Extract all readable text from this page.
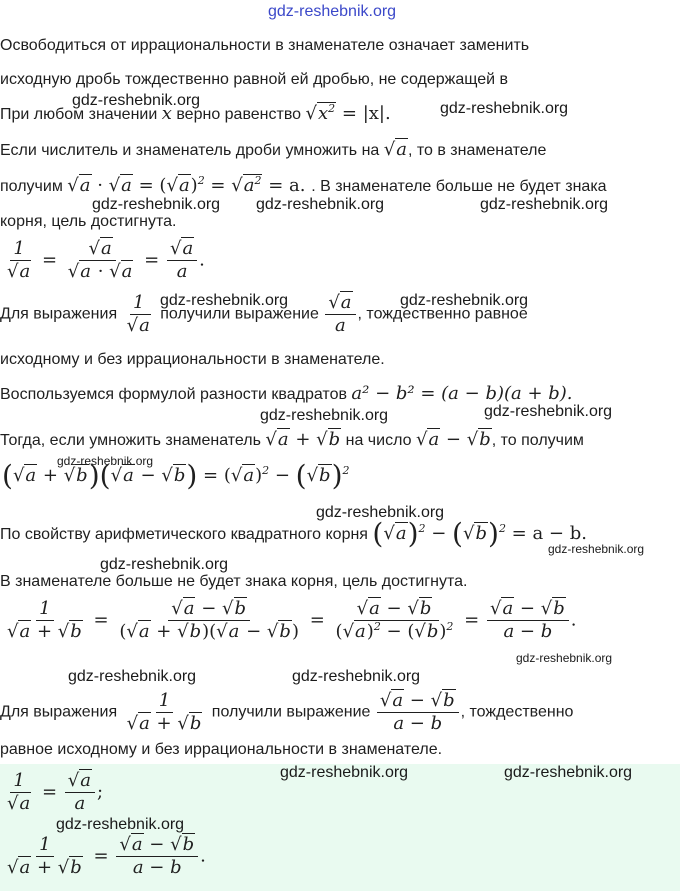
gdz-reshebnik.org
gdz-reshebnik.org	gdz-reshebnik.org
gdz-reshebnik.org gdz-reshebnik.org	gdz-reshebnik.org
gdz-reshebnik.org	gdz-reshebnik.org
gdz-reshebnik.org	gdz-reshebnik.org
gdz-reshebnik.org
gdz-reshebnik.org
gdz-reshebnik.org
gdz-reshebnik.org
gdz-reshebnik.org
gdz-reshebnik.org	gdz-reshebnik.org
Освободиться от иррациональности в знаменателе означает заменить
исходную дробь тождественно равной ей дробью, не содержащей в
При любом значении x верно равенство $√x^2 = |x|$.
Если числитель и знаменатель дроби умножить на √a, то в знаменателе
получим $√a \cdot √a = (√a)^2 = √a^2 = a$. . В знаменателе больше не будет знака
корня, цель достигнута.
$\frac{1}{√a} = \frac{√a}{√a \cdot √a} = \frac{√a}{a}$ .
Для выражения $\frac{1}{√a}$ получили выражение $\frac{√a}{a}$ , тождественно равное
исходному и без иррациональности в знаменателе.
Воспользуемся формулой разности квадратов a² − b² = (a − b)(a + b).
Тогда, если умножить знаменатель √a + √b на число √a − √b, то получим
$(√a + √b)(√a - √b) = (√a)^2 - (√b)^2$
По свойству арифметического квадратного корня $(√a)^2 - (√b)^2 = a - b$.
В знаменателе больше не будет знака корня, цель достигнута.
$\frac{1}{√a + √b} = \frac{√a - √b}{(√a + √b)(√a - √b)} = \frac{√a - √b}{(√a)^2 - (√b)^2} = \frac{√a - √b}{a - b}$ .
Для выражения $\frac{1}{√a + √b}$ получили выражение $\frac{√a - √b}{a - b}$ , тождественно
равное исходному и без иррациональности в знаменателе.
gdz-reshebnik.org	gdz-reshebnik.org
gdz-reshebnik.org
$\frac{1}{√a} = \frac{√a}{a}$ ;
$\frac{1}{√a + √b} = \frac{√a - √b}{a - b}$ .
